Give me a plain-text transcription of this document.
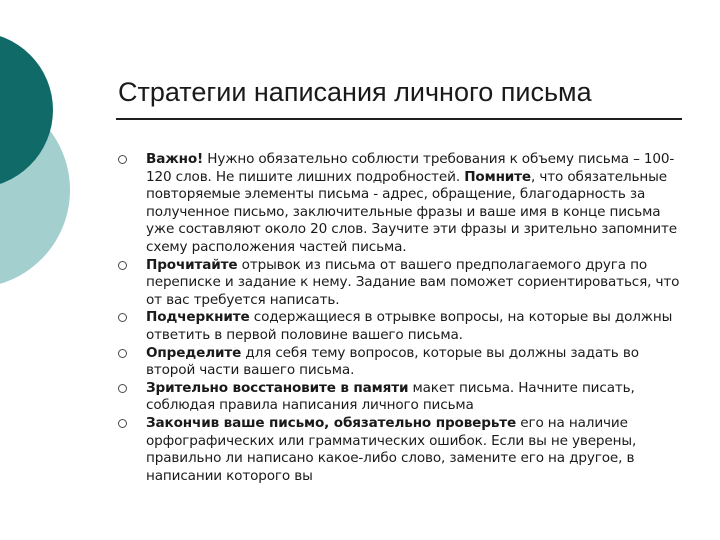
Стратегии написания личного письма
Важно! Нужно обязательно соблюсти требования к объему письма – 100-120 слов. Не пишите лишних подробностей. Помните, что обязательные повторяемые элементы письма - адрес, обращение, благодарность за полученное письмо, заключительные фразы и ваше имя в конце письма уже составляют около 20 слов. Заучите эти фразы и зрительно запомните схему расположения частей письма.
Прочитайте отрывок из письма от вашего предполагаемого друга по переписке и задание к нему. Задание вам поможет сориентироваться, что от вас требуется написать.
Подчеркните содержащиеся в отрывке вопросы, на которые вы должны ответить в первой половине вашего письма.
Определите для себя тему вопросов, которые вы должны задать во второй части вашего письма.
Зрительно восстановите в памяти макет письма. Начните писать, соблюдая правила написания личного письма
Закончив ваше письмо, обязательно проверьте его на наличие орфографических или грамматических ошибок. Если вы не уверены, правильно ли написано какое-либо слово, замените его на другое, в написании которого вы
